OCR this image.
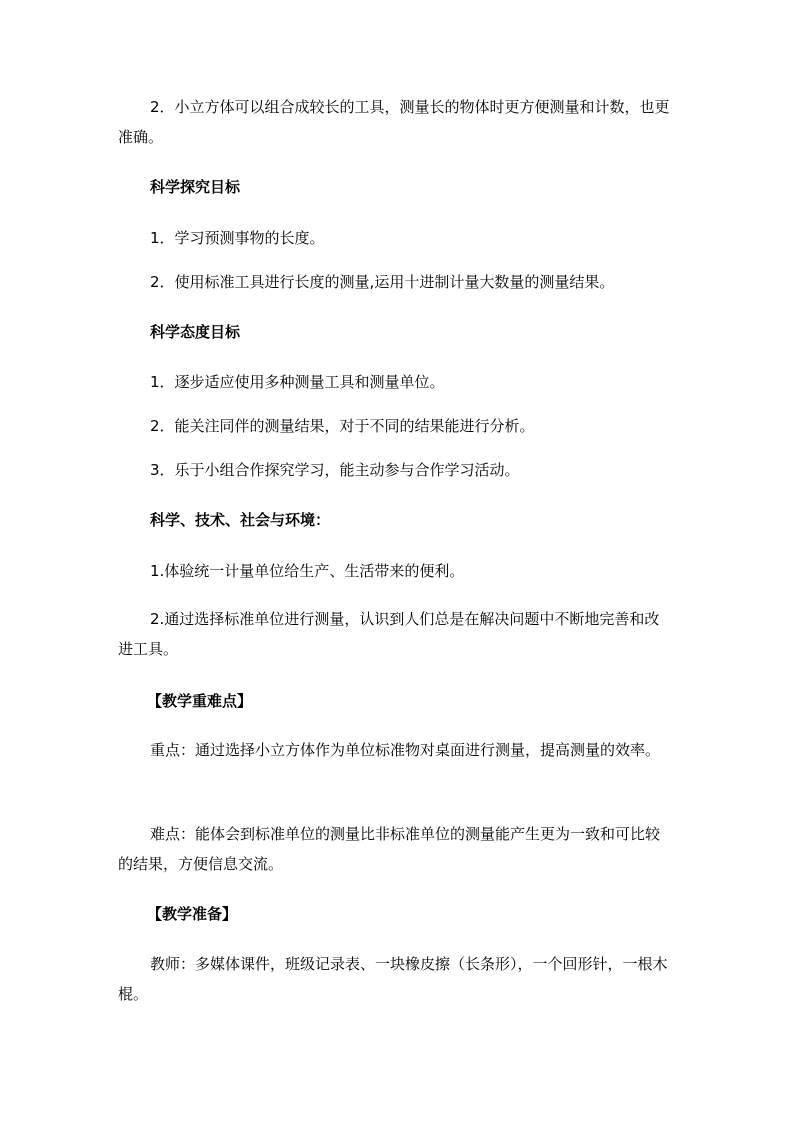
2．小立方体可以组合成较长的工具，测量长的物体时更方便测量和计数，也更准确。

科学探究目标

1．学习预测事物的长度。

2．使用标准工具进行长度的测量,运用十进制计量大数量的测量结果。

科学态度目标

1．逐步适应使用多种测量工具和测量单位。

2．能关注同伴的测量结果，对于不同的结果能进行分析。

3．乐于小组合作探究学习，能主动参与合作学习活动。

科学、技术、社会与环境：

1.体验统一计量单位给生产、生活带来的便利。

2.通过选择标准单位进行测量，认识到人们总是在解决问题中不断地完善和改进工具。

【教学重难点】

重点：通过选择小立方体作为单位标准物对桌面进行测量，提高测量的效率。

难点：能体会到标准单位的测量比非标准单位的测量能产生更为一致和可比较的结果，方便信息交流。

【教学准备】

教师：多媒体课件，班级记录表、一块橡皮擦（长条形），一个回形针，一根木棍。
